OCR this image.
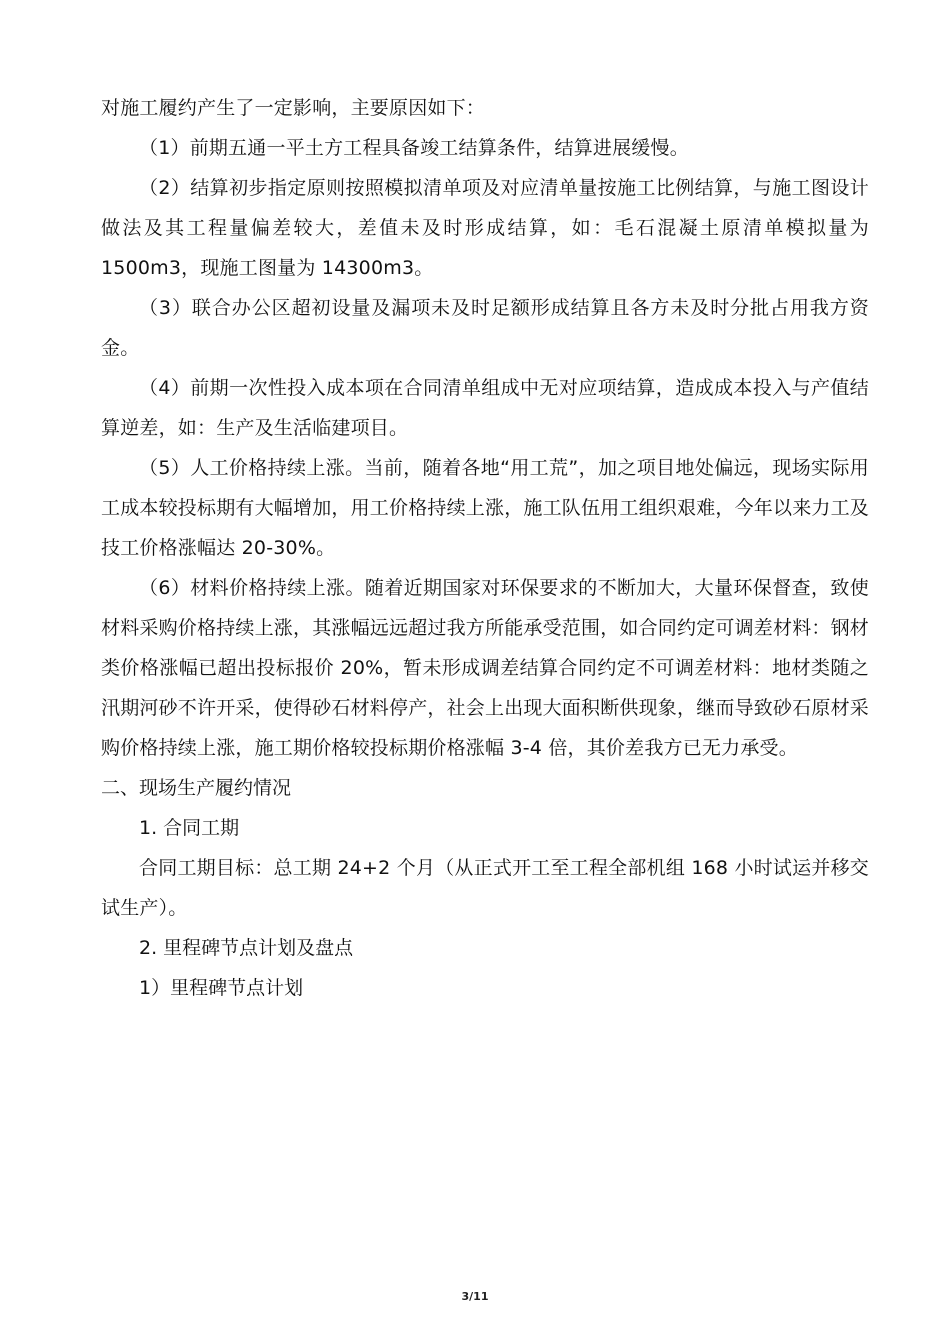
对施工履约产生了一定影响，主要原因如下：

（1）前期五通一平土方工程具备竣工结算条件，结算进展缓慢。

（2）结算初步指定原则按照模拟清单项及对应清单量按施工比例结算，与施工图设计做法及其工程量偏差较大，差值未及时形成结算，如：毛石混凝土原清单模拟量为 1500m3，现施工图量为 14300m3。

（3）联合办公区超初设量及漏项未及时足额形成结算且各方未及时分批占用我方资金。

（4）前期一次性投入成本项在合同清单组成中无对应项结算，造成成本投入与产值结算逆差，如：生产及生活临建项目。

（5）人工价格持续上涨。当前，随着各地“用工荒”，加之项目地处偏远，现场实际用工成本较投标期有大幅增加，用工价格持续上涨，施工队伍用工组织艰难，今年以来力工及技工价格涨幅达 20-30%。

（6）材料价格持续上涨。随着近期国家对环保要求的不断加大，大量环保督查，致使材料采购价格持续上涨，其涨幅远远超过我方所能承受范围，如合同约定可调差材料：钢材类价格涨幅已超出投标报价 20%，暂未形成调差结算合同约定不可调差材料：地材类随之汛期河砂不许开采，使得砂石材料停产，社会上出现大面积断供现象，继而导致砂石原材采购价格持续上涨，施工期价格较投标期价格涨幅 3-4 倍，其价差我方已无力承受。

二、现场生产履约情况

1. 合同工期

合同工期目标：总工期 24+2 个月（从正式开工至工程全部机组 168 小时试运并移交试生产）。

2. 里程碑节点计划及盘点

1）里程碑节点计划

3/11
